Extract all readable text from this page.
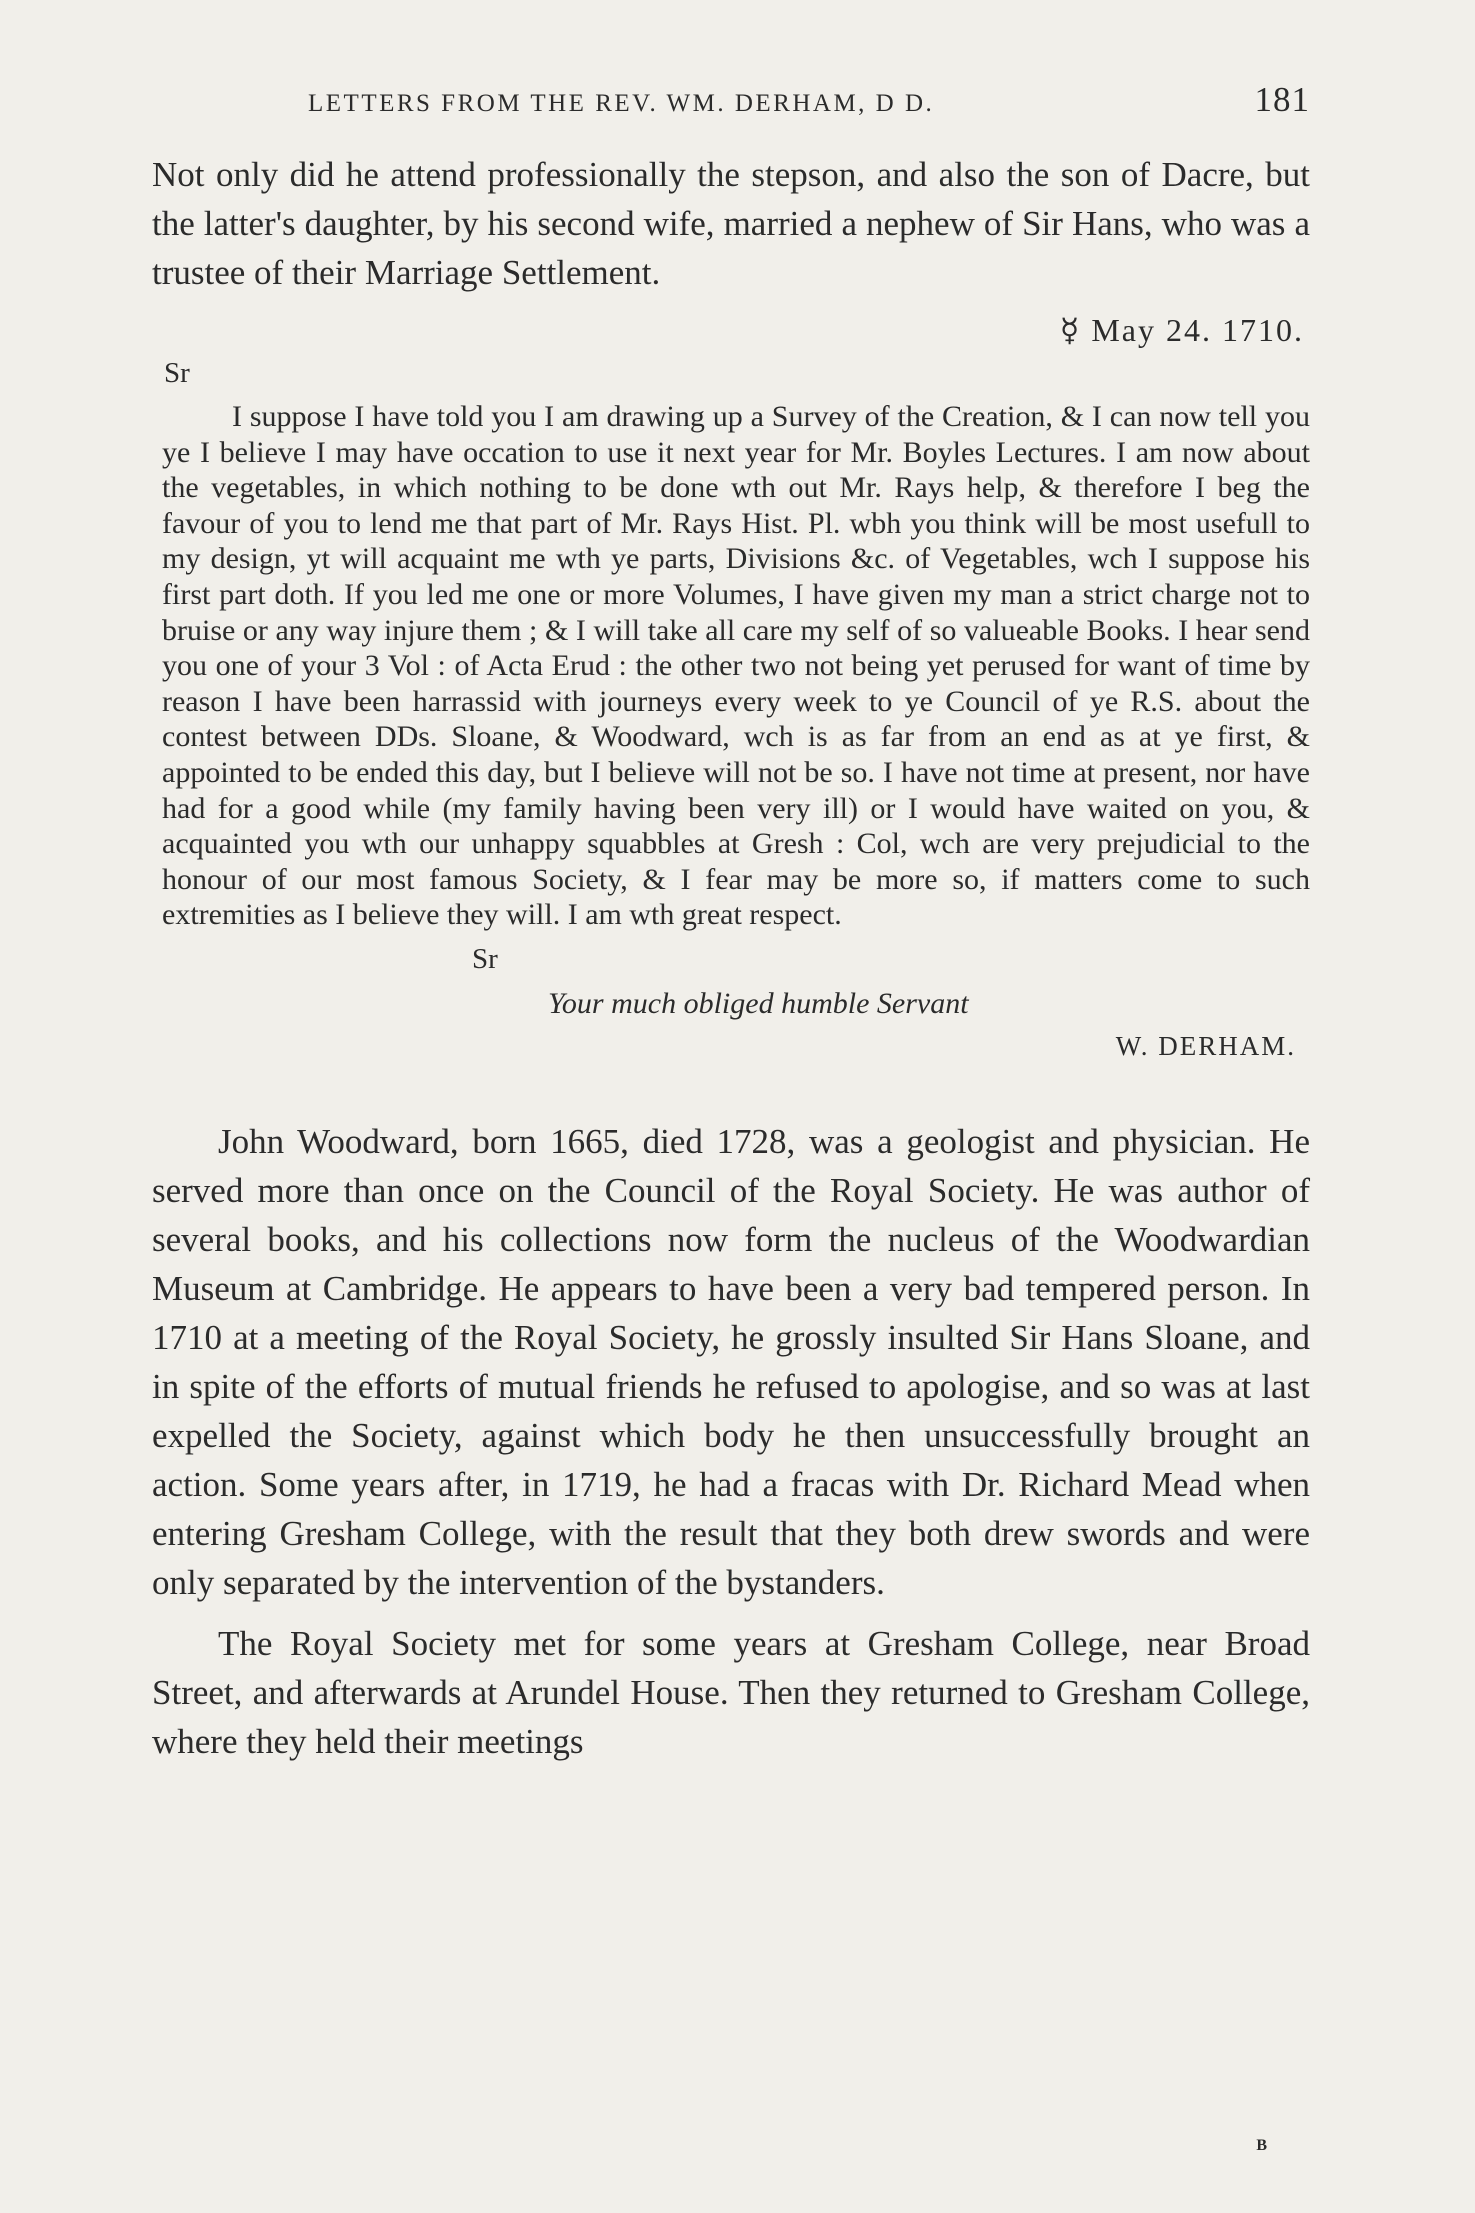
LETTERS FROM THE REV. WM. DERHAM, D D.	181

Not only did he attend professionally the stepson, and also the son of Dacre, but the latter's daughter, by his second wife, married a nephew of Sir Hans, who was a trustee of their Marriage Settlement.

☿ May 24. 1710.
Sr

I suppose I have told you I am drawing up a Survey of the Creation, & I can now tell you ye I believe I may have occation to use it next year for Mr. Boyles Lectures. I am now about the vegetables, in which nothing to be done wth out Mr. Rays help, & therefore I beg the favour of you to lend me that part of Mr. Rays Hist. Pl. wbh you think will be most usefull to my design, yt will acquaint me wth ye parts, Divisions &c. of Vegetables, wch I suppose his first part doth. If you led me one or more Volumes, I have given my man a strict charge not to bruise or any way injure them ; & I will take all care my self of so valueable Books. I hear send you one of your 3 Vol : of Acta Erud : the other two not being yet perused for want of time by reason I have been harrassid with journeys every week to ye Council of ye R.S. about the contest between DDs. Sloane, & Woodward, wch is as far from an end as at ye first, & appointed to be ended this day, but I believe will not be so. I have not time at present, nor have had for a good while (my family having been very ill) or I would have waited on you, & acquainted you wth our unhappy squabbles at Gresh : Col, wch are very prejudicial to the honour of our most famous Society, & I fear may be more so, if matters come to such extremities as I believe they will. I am wth great respect.

Sr
Your much obliged humble Servant
W. DERHAM.

John Woodward, born 1665, died 1728, was a geologist and physician. He served more than once on the Council of the Royal Society. He was author of several books, and his collections now form the nucleus of the Woodwardian Museum at Cambridge. He appears to have been a very bad tempered person. In 1710 at a meeting of the Royal Society, he grossly insulted Sir Hans Sloane, and in spite of the efforts of mutual friends he refused to apologise, and so was at last expelled the Society, against which body he then unsuccessfully brought an action. Some years after, in 1719, he had a fracas with Dr. Richard Mead when entering Gresham College, with the result that they both drew swords and were only separated by the intervention of the bystanders.

The Royal Society met for some years at Gresham College, near Broad Street, and afterwards at Arundel House. Then they returned to Gresham College, where they held their meetings

B
